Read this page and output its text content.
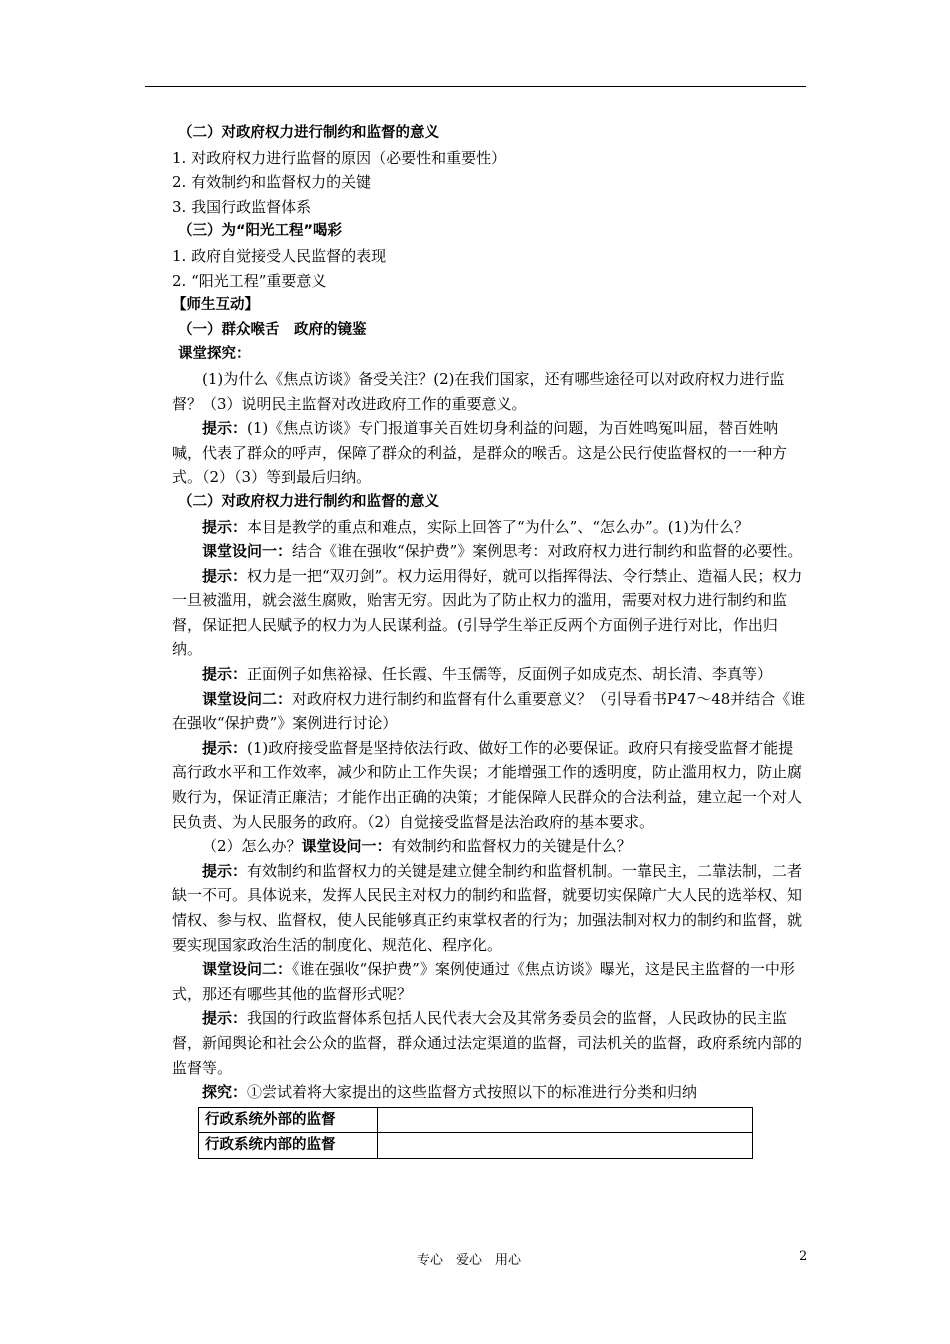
（二）对政府权力进行制约和监督的意义

1. 对政府权力进行监督的原因（必要性和重要性）

2. 有效制约和监督权力的关键

3. 我国行政监督体系

（三）为“阳光工程”喝彩

1. 政府自觉接受人民监督的表现

2. “阳光工程”重要意义

【师生互动】

（一）群众喉舌　政府的镜鉴

课堂探究：

(1)为什么《焦点访谈》备受关注？(2)在我们国家，还有哪些途径可以对政府权力进行监督？（3）说明民主监督对改进政府工作的重要意义。

提示：(1)《焦点访谈》专门报道事关百姓切身利益的问题，为百姓鸣冤叫屈，替百姓呐喊，代表了群众的呼声，保障了群众的利益，是群众的喉舌。这是公民行使监督权的一一种方式。（2）（3）等到最后归纳。

（二）对政府权力进行制约和监督的意义

提示：本目是教学的重点和难点，实际上回答了“为什么”、“怎么办”。(1)为什么？

课堂设问一：结合《谁在强收“保护费”》案例思考：对政府权力进行制约和监督的必要性。

提示：权力是一把“双刃剑”。权力运用得好，就可以指挥得法、令行禁止、造福人民；权力一旦被滥用，就会滋生腐败，贻害无穷。因此为了防止权力的滥用，需要对权力进行制约和监督，保证把人民赋予的权力为人民谋利益。(引导学生举正反两个方面例子进行对比，作出归纳。

提示：正面例子如焦裕禄、任长霞、牛玉儒等，反面例子如成克杰、胡长清、李真等）

课堂设问二：对政府权力进行制约和监督有什么重要意义？（引导看书P47～48并结合《谁在强收“保护费”》案例进行讨论）

提示：(1)政府接受监督是坚持依法行政、做好工作的必要保证。政府只有接受监督才能提高行政水平和工作效率，减少和防止工作失误；才能增强工作的透明度，防止滥用权力，防止腐败行为，保证清正廉洁；才能作出正确的决策；才能保障人民群众的合法利益，建立起一个对人民负责、为人民服务的政府。（2）自觉接受监督是法治政府的基本要求。

（2）怎么办？课堂设问一：有效制约和监督权力的关键是什么？

提示：有效制约和监督权力的关键是建立健全制约和监督机制。一靠民主，二靠法制，二者缺一不可。具体说来，发挥人民民主对权力的制约和监督，就要切实保障广大人民的选举权、知情权、参与权、监督权，使人民能够真正约束掌权者的行为；加强法制对权力的制约和监督，就要实现国家政治生活的制度化、规范化、程序化。

课堂设问二：《谁在强收“保护费”》案例使通过《焦点访谈》曝光，这是民主监督的一中形式，那还有哪些其他的监督形式呢？

提示：我国的行政监督体系包括人民代表大会及其常务委员会的监督，人民政协的民主监督，新闻舆论和社会公众的监督，群众通过法定渠道的监督，司法机关的监督，政府系统内部的监督等。

探究：①尝试着将大家提出的这些监督方式按照以下的标准进行分类和归纳

行政系统外部的监督	
行政系统内部的监督	
专心　爱心　用心	2
